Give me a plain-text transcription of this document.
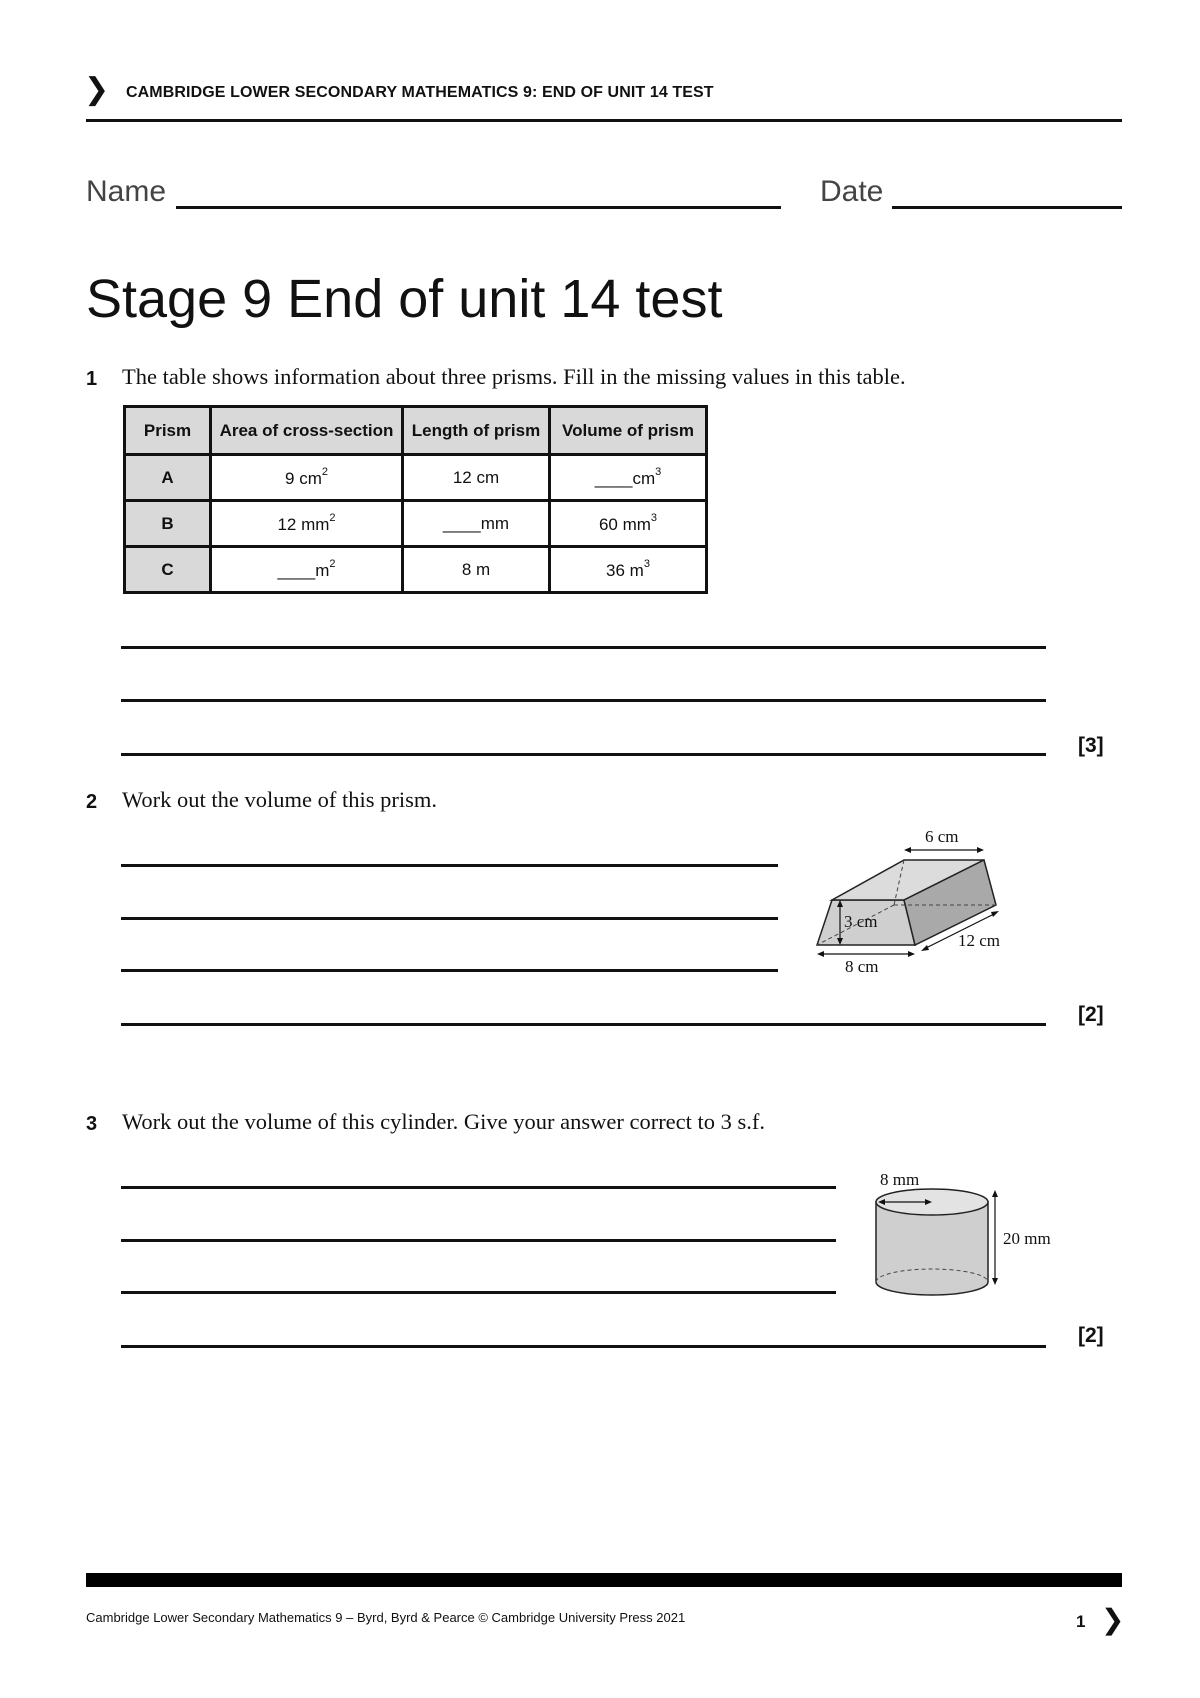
❯ CAMBRIDGE LOWER SECONDARY MATHEMATICS 9: END OF UNIT 14 TEST
Name	Date
Stage 9 End of unit 14 test
1 The table shows information about three prisms. Fill in the missing values in this table.
Prism	Area of cross-section	Length of prism	Volume of prism
A	9 $cm^2$	12 cm	$\_\_\_\_cm^3$
B	12 $mm^2$	____mm	60 $mm^3$
C	$\_\_\_\_m^2$	8 m	36 $m^3$
[3]
2 Work out the volume of this prism.
[2]
6 cm
3 cm
8 cm
12 cm
3 Work out the volume of this cylinder. Give your answer correct to 3 s.f.
[2]
8 mm
20 mm
Cambridge Lower Secondary Mathematics 9 – Byrd, Byrd & Pearce © Cambridge University Press 2021	1 ❯
